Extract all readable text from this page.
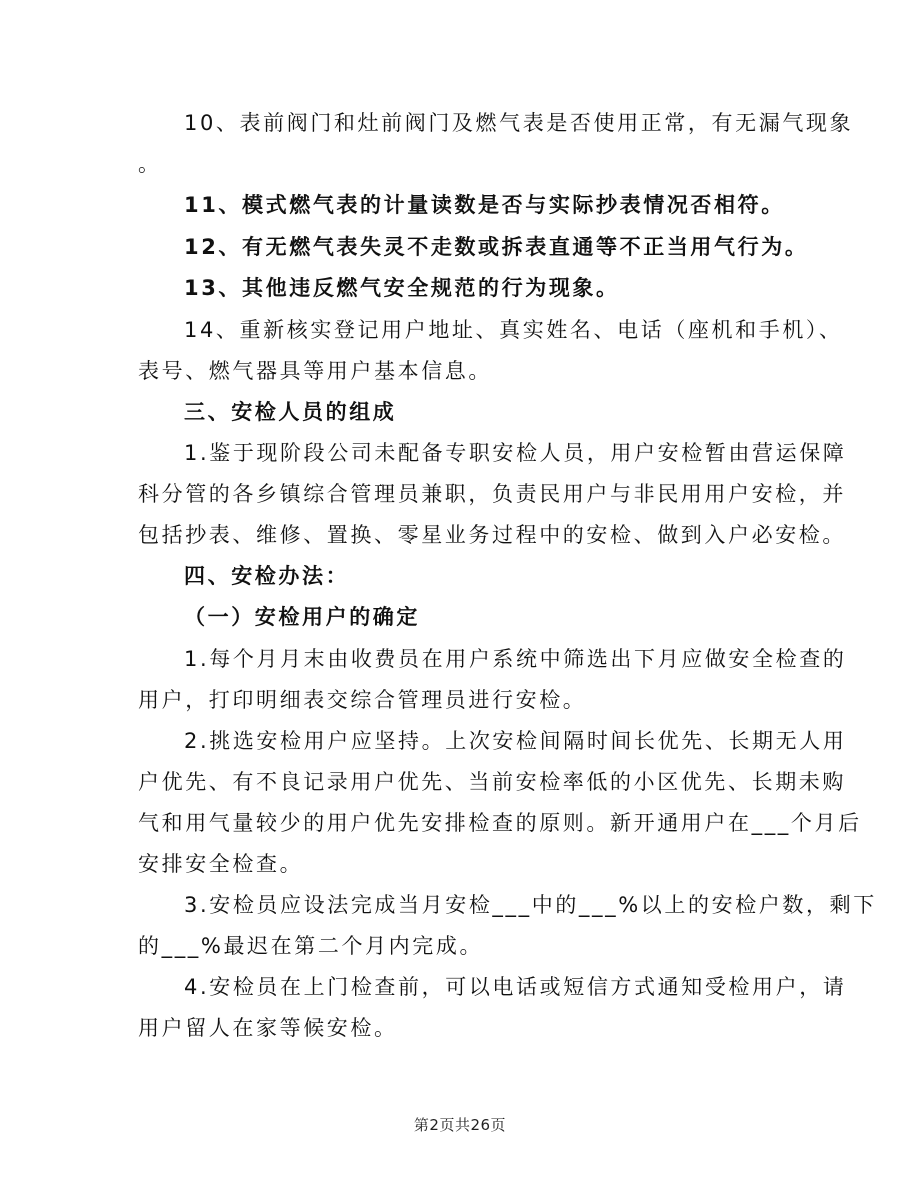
10、表前阀门和灶前阀门及燃气表是否使用正常，有无漏气现象
。
11、模式燃气表的计量读数是否与实际抄表情况否相符。
12、有无燃气表失灵不走数或拆表直通等不正当用气行为。
13、其他违反燃气安全规范的行为现象。
14、重新核实登记用户地址、真实姓名、电话（座机和手机）、
表号、燃气器具等用户基本信息。
三、安检人员的组成
1.鉴于现阶段公司未配备专职安检人员，用户安检暂由营运保障
科分管的各乡镇综合管理员兼职，负责民用户与非民用用户安检，并
包括抄表、维修、置换、零星业务过程中的安检、做到入户必安检。
四、安检办法：
（一）安检用户的确定
1.每个月月末由收费员在用户系统中筛选出下月应做安全检查的
用户，打印明细表交综合管理员进行安检。
2.挑选安检用户应坚持。上次安检间隔时间长优先、长期无人用
户优先、有不良记录用户优先、当前安检率低的小区优先、长期未购
气和用气量较少的用户优先安排检查的原则。新开通用户在___个月后
安排安全检查。
3.安检员应设法完成当月安检___中的___%以上的安检户数，剩下
的___%最迟在第二个月内完成。
4.安检员在上门检查前，可以电话或短信方式通知受检用户，请
用户留人在家等候安检。
第2页共26页
